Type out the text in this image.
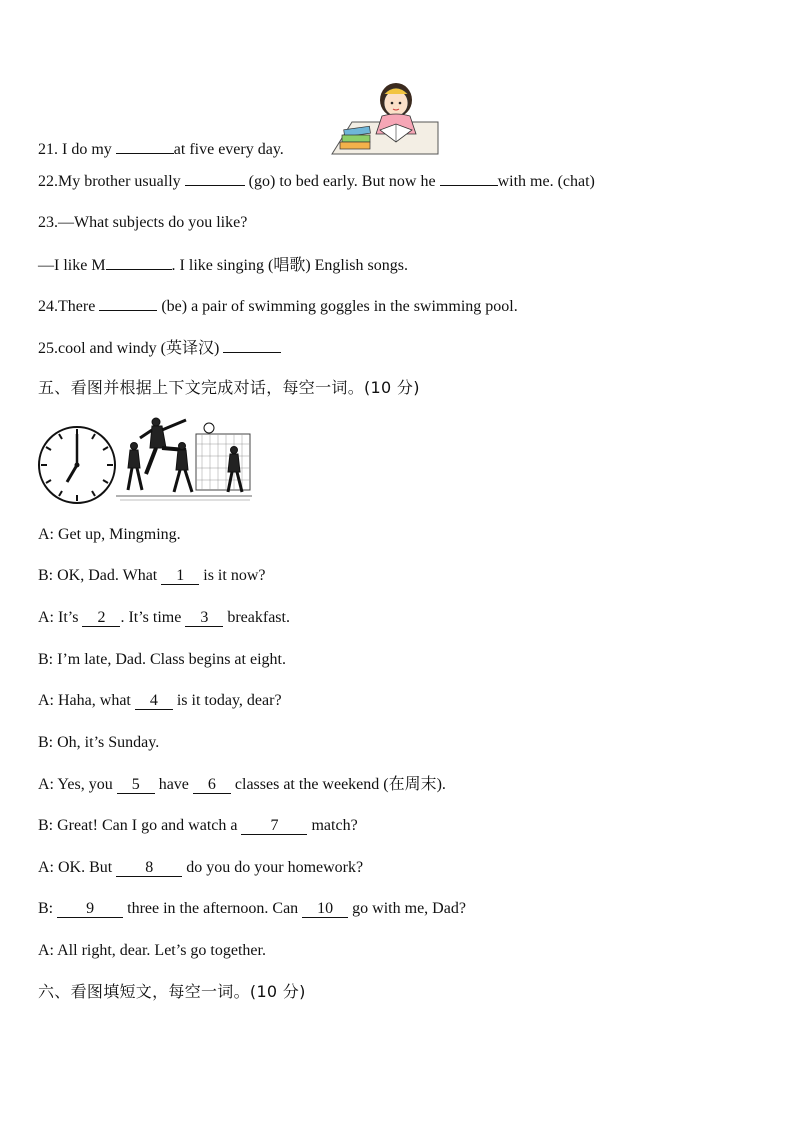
21. I do my	at five every day.
22.My brother usually	(go) to bed early. But now he	with me. (chat)
23.—What subjects do you like?
—I like M	. I like singing (唱歌) English songs.
24.There	(be) a pair of swimming goggles in the swimming pool.
25.cool and windy (英译汉)
五、看图并根据上下文完成对话，每空一词。(10 分)
A: Get up, Mingming.
B: OK, Dad. What 1 is it now?
A: It’s 2 . It’s time 3 breakfast.
B: I’m late, Dad. Class begins at eight.
A: Haha, what 4 is it today, dear?
B: Oh, it’s Sunday.
A: Yes, you 5 have 6 classes at the weekend (在周末).
B: Great! Can I go and watch a 7 match?
A: OK. But 8 do you do your homework?
B: 9 three in the afternoon. Can 10 go with me, Dad?
A: All right, dear. Let’s go together.
六、看图填短文，每空一词。(10 分)
